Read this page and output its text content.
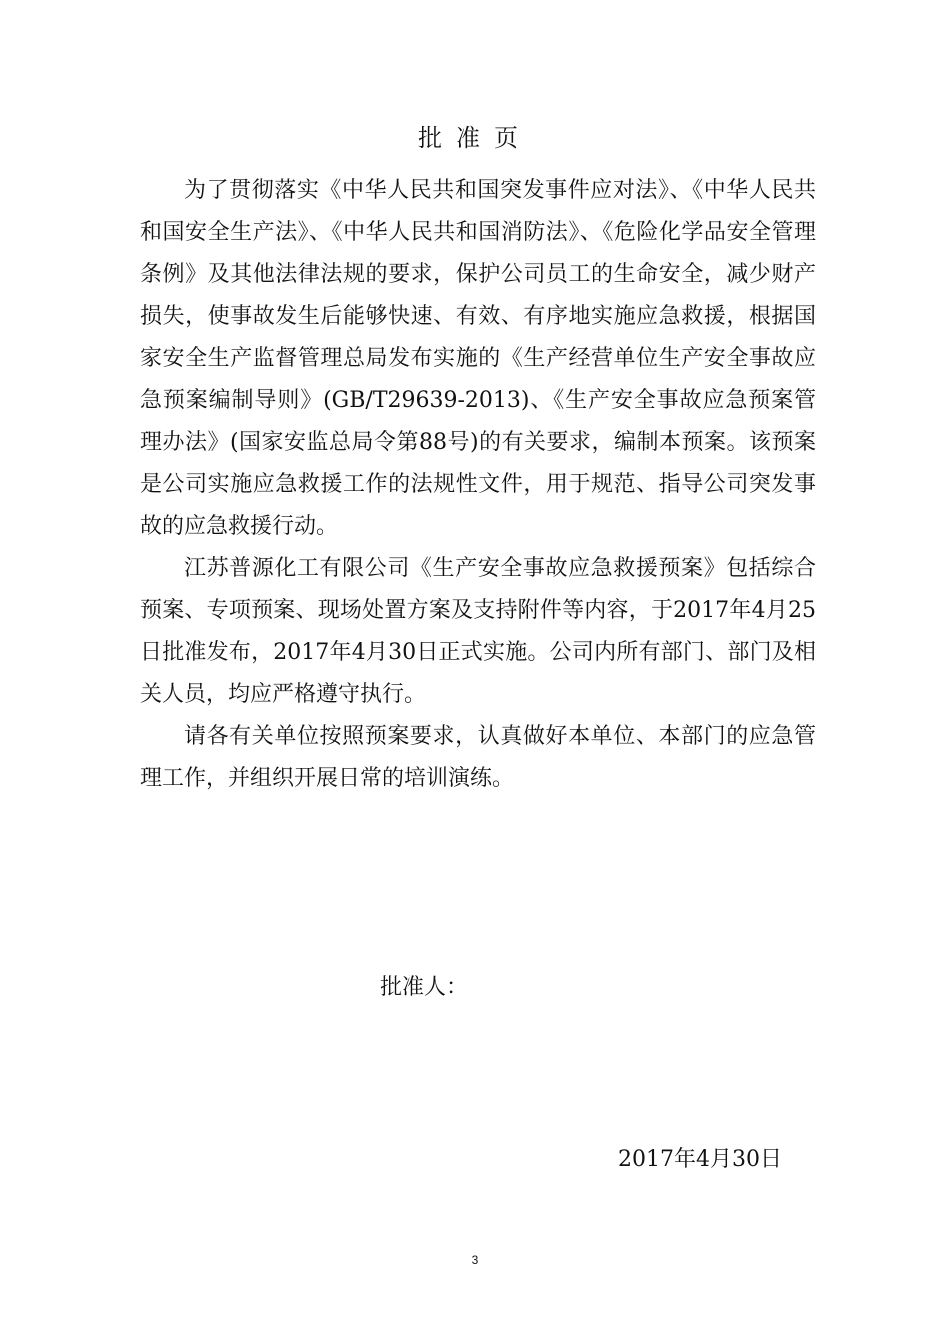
批准页

为了贯彻落实《中华人民共和国突发事件应对法》、《中华人民共和国安全生产法》、《中华人民共和国消防法》、《危险化学品安全管理条例》及其他法律法规的要求，保护公司员工的生命安全，减少财产损失，使事故发生后能够快速、有效、有序地实施应急救援，根据国家安全生产监督管理总局发布实施的《生产经营单位生产安全事故应急预案编制导则》(GB/T29639-2013)、《生产安全事故应急预案管理办法》(国家安监总局令第88号)的有关要求，编制本预案。该预案是公司实施应急救援工作的法规性文件，用于规范、指导公司突发事故的应急救援行动。

江苏普源化工有限公司《生产安全事故应急救援预案》包括综合预案、专项预案、现场处置方案及支持附件等内容，于2017年4月25日批准发布，2017年4月30日正式实施。公司内所有部门、部门及相关人员，均应严格遵守执行。

请各有关单位按照预案要求，认真做好本单位、本部门的应急管理工作，并组织开展日常的培训演练。

批准人：
2017年4月30日
3
